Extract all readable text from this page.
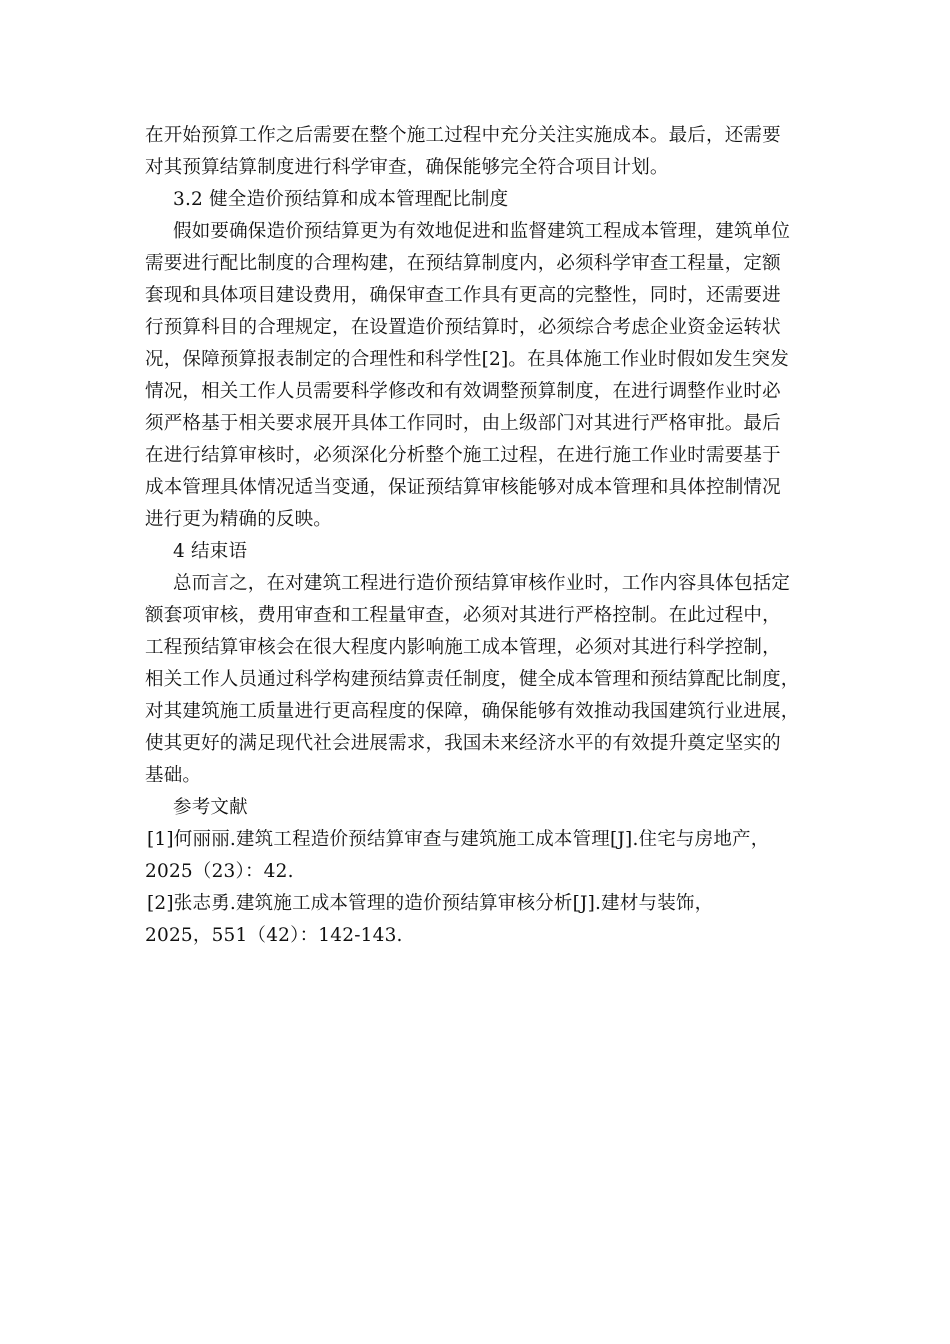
在开始预算工作之后需要在整个施工过程中充分关注实施成本。最后，还需要
对其预算结算制度进行科学审查，确保能够完全符合项目计划。
3.2 健全造价预结算和成本管理配比制度
假如要确保造价预结算更为有效地促进和监督建筑工程成本管理，建筑单位
需要进行配比制度的合理构建，在预结算制度内，必须科学审查工程量，定额
套现和具体项目建设费用，确保审查工作具有更高的完整性，同时，还需要进
行预算科目的合理规定，在设置造价预结算时，必须综合考虑企业资金运转状
况，保障预算报表制定的合理性和科学性[2]。在具体施工作业时假如发生突发
情况，相关工作人员需要科学修改和有效调整预算制度，在进行调整作业时必
须严格基于相关要求展开具体工作同时，由上级部门对其进行严格审批。最后
在进行结算审核时，必须深化分析整个施工过程，在进行施工作业时需要基于
成本管理具体情况适当变通，保证预结算审核能够对成本管理和具体控制情况
进行更为精确的反映。
4 结束语
总而言之，在对建筑工程进行造价预结算审核作业时，工作内容具体包括定
额套项审核，费用审查和工程量审查，必须对其进行严格控制。在此过程中，
工程预结算审核会在很大程度内影响施工成本管理，必须对其进行科学控制，
相关工作人员通过科学构建预结算责任制度，健全成本管理和预结算配比制度，
对其建筑施工质量进行更高程度的保障，确保能够有效推动我国建筑行业进展，
使其更好的满足现代社会进展需求，我国未来经济水平的有效提升奠定坚实的
基础。
参考文献
[1]何丽丽.建筑工程造价预结算审查与建筑施工成本管理[J].住宅与房地产，
2025（23）：42.
[2]张志勇.建筑施工成本管理的造价预结算审核分析[J].建材与装饰，
2025，551（42）：142-143.
